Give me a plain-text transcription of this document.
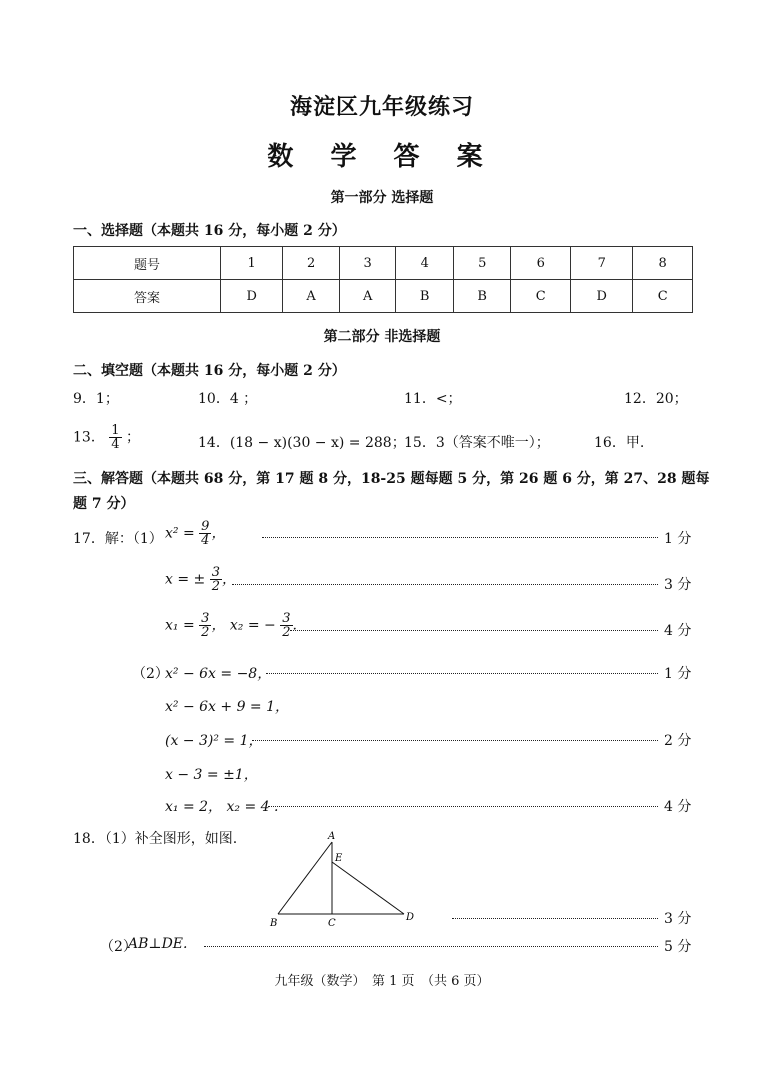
海淀区九年级练习
数 学 答 案
第一部分 选择题
一、选择题（本题共 16 分，每小题 2 分）
题号	1	2	3	4	5	6	7	8
答案	D	A	A	B	B	C	D	C
第二部分 非选择题
二、填空题（本题共 16 分，每小题 2 分）
9．1；	10．4 ；	11．<；	12．20；
13． $\frac{1}{4}$ ；	14．(18 − x)(30 − x) = 288；
15．3（答案不唯一）；	16．甲.
三、解答题（本题共 68 分，第 17 题 8 分，18-25 题每题 5 分，第 26 题 6 分，第 27、28 题每
题 7 分）
17．解：（1） $x^2 = \frac{9}{4}$ ，	1 分
x = ± $\frac{3}{2}$ ，	3 分
$x_1 = \frac{3}{2}$ ， x₂ = − $\frac{3}{2}$ .	4 分
（2）
x² − 6x = −8，	1 分
x² − 6x + 9 = 1，
(x − 3)² = 1，	2 分
x − 3 = ±1，
x₁ = 2， x₂ = 4 .	4 分
18．（1）补全图形，如图.	A
E
B	C
D	3 分
（2）
AB⊥DE.	5 分
九年级（数学）　第 1 页　（共 6 页）
